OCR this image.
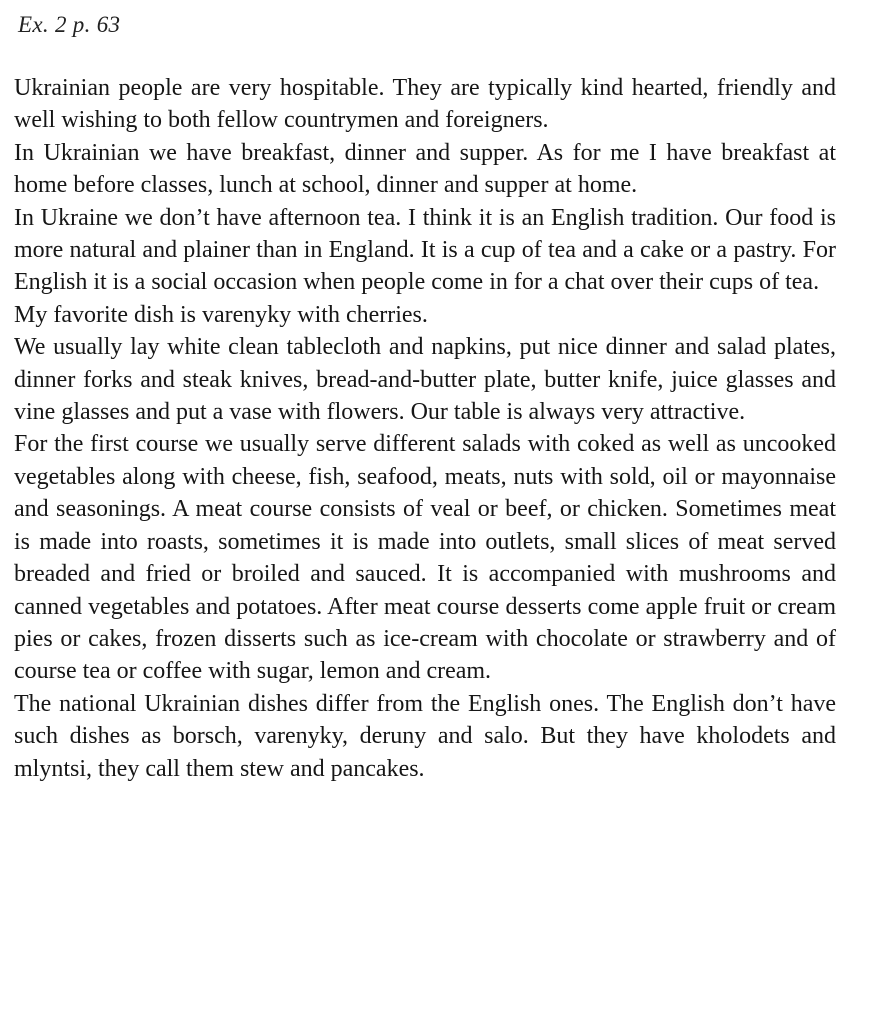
Ex. 2 p. 63

Ukrainian people are very hospitable. They are typically kind hearted, friendly and well wishing to both fellow countrymen and foreigners.

In Ukrainian we have breakfast, dinner and supper. As for me I have breakfast at home before classes, lunch at school, dinner and supper at home.

In Ukraine we don’t have afternoon tea. I think it is an English tradition. Our food is more natural and plainer than in England. It is a cup of tea and a cake or a pastry. For English it is a social occasion when people come in for a chat over their cups of tea.

My favorite dish is varenyky with cherries.

We usually lay white clean tablecloth and napkins, put nice dinner and salad plates, dinner forks and steak knives, bread-and-butter plate, butter knife, juice glasses and vine glasses and put a vase with flowers. Our table is always very attractive.

For the first course we usually serve different salads with coked as well as uncooked vegetables along with cheese, fish, seafood, meats, nuts with sold, oil or mayonnaise and seasonings. A meat course consists of veal or beef, or chicken. Sometimes meat is made into roasts, sometimes it is made into outlets, small slices of meat served breaded and fried or broiled and sauced. It is accompanied with mushrooms and canned vegetables and potatoes. After meat course desserts come apple fruit or cream pies or cakes, frozen disserts such as ice-cream with chocolate or strawberry and of course tea or coffee with sugar, lemon and cream.

The national Ukrainian dishes differ from the English ones. The English don’t have such dishes as borsch, varenyky, deruny and salo. But they have kholodets and mlyntsi, they call them stew and pancakes.
